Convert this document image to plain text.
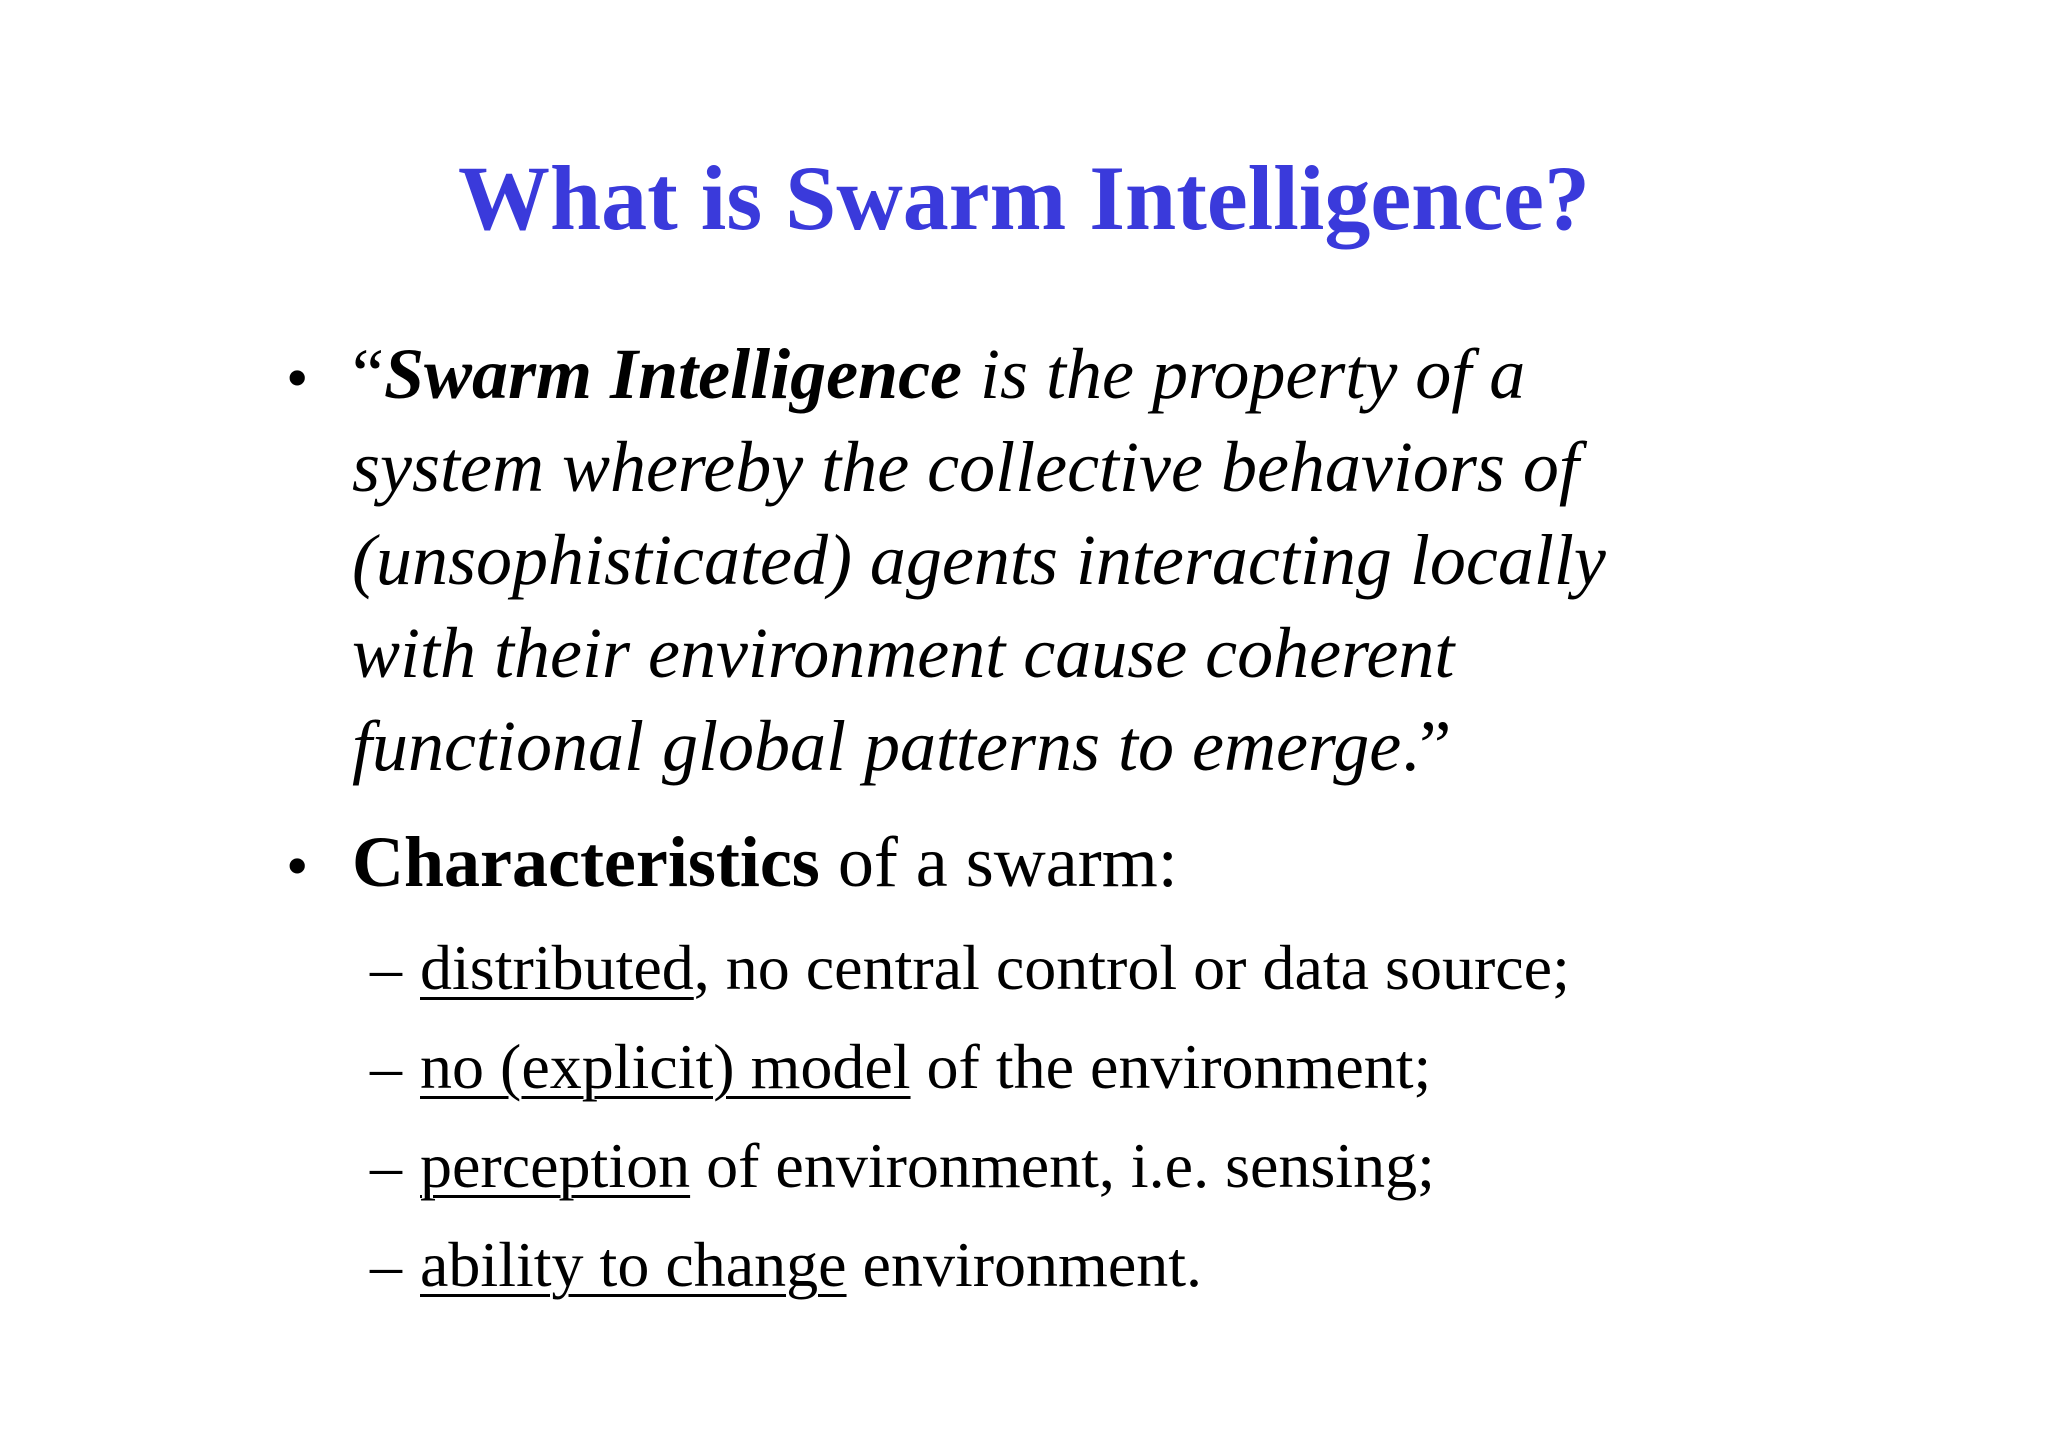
What is Swarm Intelligence?
• “Swarm Intelligence is the property of a
system whereby the collective behaviors of
(unsophisticated) agents interacting locally
with their environment cause coherent
functional global patterns to emerge.”
• Characteristics of a swarm:
– distributed, no central control or data source;
– no (explicit) model of the environment;
– perception of environment, i.e. sensing;
– ability to change environment.
